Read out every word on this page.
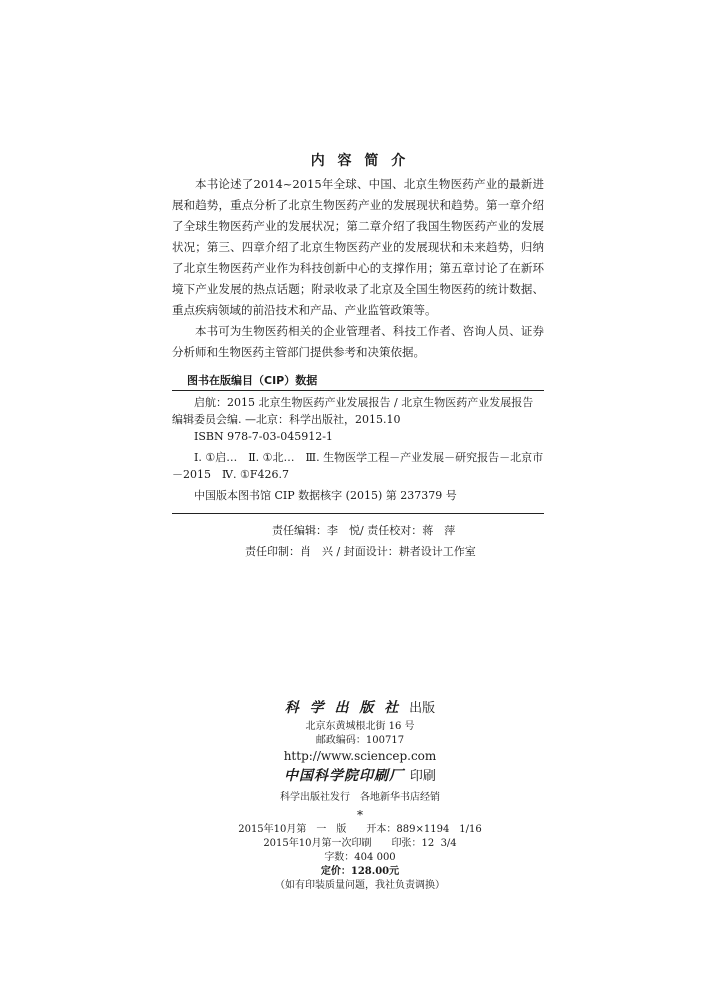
内 容 简 介

本书论述了2014~2015年全球、中国、北京生物医药产业的最新进展和趋势，重点分析了北京生物医药产业的发展现状和趋势。第一章介绍了全球生物医药产业的发展状况；第二章介绍了我国生物医药产业的发展状况；第三、四章介绍了北京生物医药产业的发展现状和未来趋势，归纳了北京生物医药产业作为科技创新中心的支撑作用；第五章讨论了在新环境下产业发展的热点话题；附录收录了北京及全国生物医药的统计数据、重点疾病领域的前沿技术和产品、产业监管政策等。

本书可为生物医药相关的企业管理者、科技工作者、咨询人员、证券分析师和生物医药主管部门提供参考和决策依据。

图书在版编目（CIP）数据

启航：2015 北京生物医药产业发展报告 / 北京生物医药产业发展报告编辑委员会编. —北京：科学出版社，2015.10

ISBN 978-7-03-045912-1

Ⅰ. ①启…　Ⅱ. ①北…　Ⅲ. 生物医学工程－产业发展－研究报告－北京市－2015　Ⅳ. ①F426.7

中国版本图书馆 CIP 数据核字 (2015) 第 237379 号

责任编辑：李　悦/ 责任校对：蒋　萍
责任印制：肖　兴 / 封面设计：耕者设计工作室
科 学 出 版 社 出版
北京东黄城根北街 16 号
邮政编码：100717
http://www.sciencep.com
中国科学院印刷厂 印刷
科学出版社发行　各地新华书店经销
*
2015年10月第　一　版　　开本：889×1194　1/16
2015年10月第一次印刷　　印张：12  3/4
字数：404 000
定价：128.00元
（如有印装质量问题，我社负责调换）
